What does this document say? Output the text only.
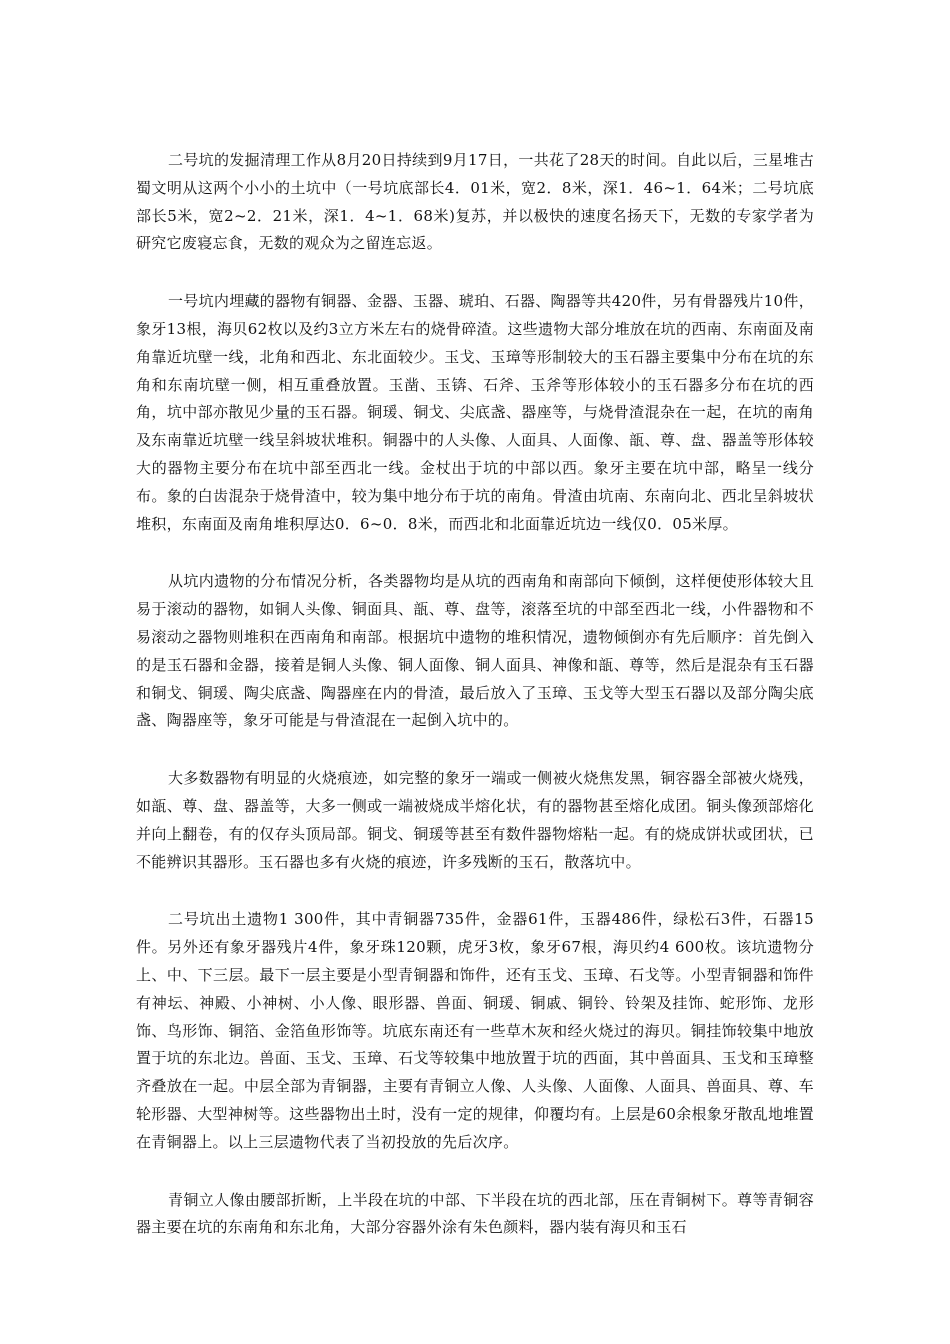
二号坑的发掘清理工作从8月20日持续到9月17日，一共花了28天的时间。自此以后，三星堆古蜀文明从这两个小小的土坑中（一号坑底部长4．01米，宽2．8米，深1．46~1．64米；二号坑底部长5米，宽2~2．21米，深1．4~1．68米)复苏，并以极快的速度名扬天下，无数的专家学者为研究它废寝忘食，无数的观众为之留连忘返。

一号坑内埋藏的器物有铜器、金器、玉器、琥珀、石器、陶器等共420件，另有骨器残片10件，象牙13根，海贝62枚以及约3立方米左右的烧骨碎渣。这些遗物大部分堆放在坑的西南、东南面及南角靠近坑壁一线，北角和西北、东北面较少。玉戈、玉璋等形制较大的玉石器主要集中分布在坑的东角和东南坑壁一侧，相互重叠放置。玉凿、玉锛、石斧、玉斧等形体较小的玉石器多分布在坑的西角，坑中部亦散见少量的玉石器。铜瑗、铜戈、尖底盏、器座等，与烧骨渣混杂在一起，在坑的南角及东南靠近坑壁一线呈斜坡状堆积。铜器中的人头像、人面具、人面像、瓿、尊、盘、器盖等形体较大的器物主要分布在坑中部至西北一线。金杖出于坑的中部以西。象牙主要在坑中部，略呈一线分布。象的白齿混杂于烧骨渣中，较为集中地分布于坑的南角。骨渣由坑南、东南向北、西北呈斜坡状堆积，东南面及南角堆积厚达0．6~0．8米，而西北和北面靠近坑边一线仅0．05米厚。

从坑内遗物的分布情况分析，各类器物均是从坑的西南角和南部向下倾倒，这样便使形体较大且易于滚动的器物，如铜人头像、铜面具、瓿、尊、盘等，滚落至坑的中部至西北一线，小件器物和不易滚动之器物则堆积在西南角和南部。根据坑中遗物的堆积情况，遗物倾倒亦有先后顺序：首先倒入的是玉石器和金器，接着是铜人头像、铜人面像、铜人面具、神像和瓿、尊等，然后是混杂有玉石器和铜戈、铜瑗、陶尖底盏、陶器座在内的骨渣，最后放入了玉璋、玉戈等大型玉石器以及部分陶尖底盏、陶器座等，象牙可能是与骨渣混在一起倒入坑中的。

大多数器物有明显的火烧痕迹，如完整的象牙一端或一侧被火烧焦发黑，铜容器全部被火烧残，如瓿、尊、盘、器盖等，大多一侧或一端被烧成半熔化状，有的器物甚至熔化成团。铜头像颈部熔化并向上翻卷，有的仅存头顶局部。铜戈、铜瑗等甚至有数件器物熔粘一起。有的烧成饼状或团状，已不能辨识其器形。玉石器也多有火烧的痕迹，许多残断的玉石，散落坑中。

二号坑出土遗物1 300件，其中青铜器735件，金器61件，玉器486件，绿松石3件，石器15件。另外还有象牙器残片4件，象牙珠120颗，虎牙3枚，象牙67根，海贝约4 600枚。该坑遗物分上、中、下三层。最下一层主要是小型青铜器和饰件，还有玉戈、玉璋、石戈等。小型青铜器和饰件有神坛、神殿、小神树、小人像、眼形器、兽面、铜瑗、铜戚、铜铃、铃架及挂饰、蛇形饰、龙形饰、鸟形饰、铜箔、金箔鱼形饰等。坑底东南还有一些草木灰和经火烧过的海贝。铜挂饰较集中地放置于坑的东北边。兽面、玉戈、玉璋、石戈等较集中地放置于坑的西面，其中兽面具、玉戈和玉璋整齐叠放在一起。中层全部为青铜器，主要有青铜立人像、人头像、人面像、人面具、兽面具、尊、车轮形器、大型神树等。这些器物出土时，没有一定的规律，仰覆均有。上层是60余根象牙散乱地堆置在青铜器上。以上三层遗物代表了当初投放的先后次序。

青铜立人像由腰部折断，上半段在坑的中部、下半段在坑的西北部，压在青铜树下。尊等青铜容器主要在坑的东南角和东北角，大部分容器外涂有朱色颜料，器内装有海贝和玉石
